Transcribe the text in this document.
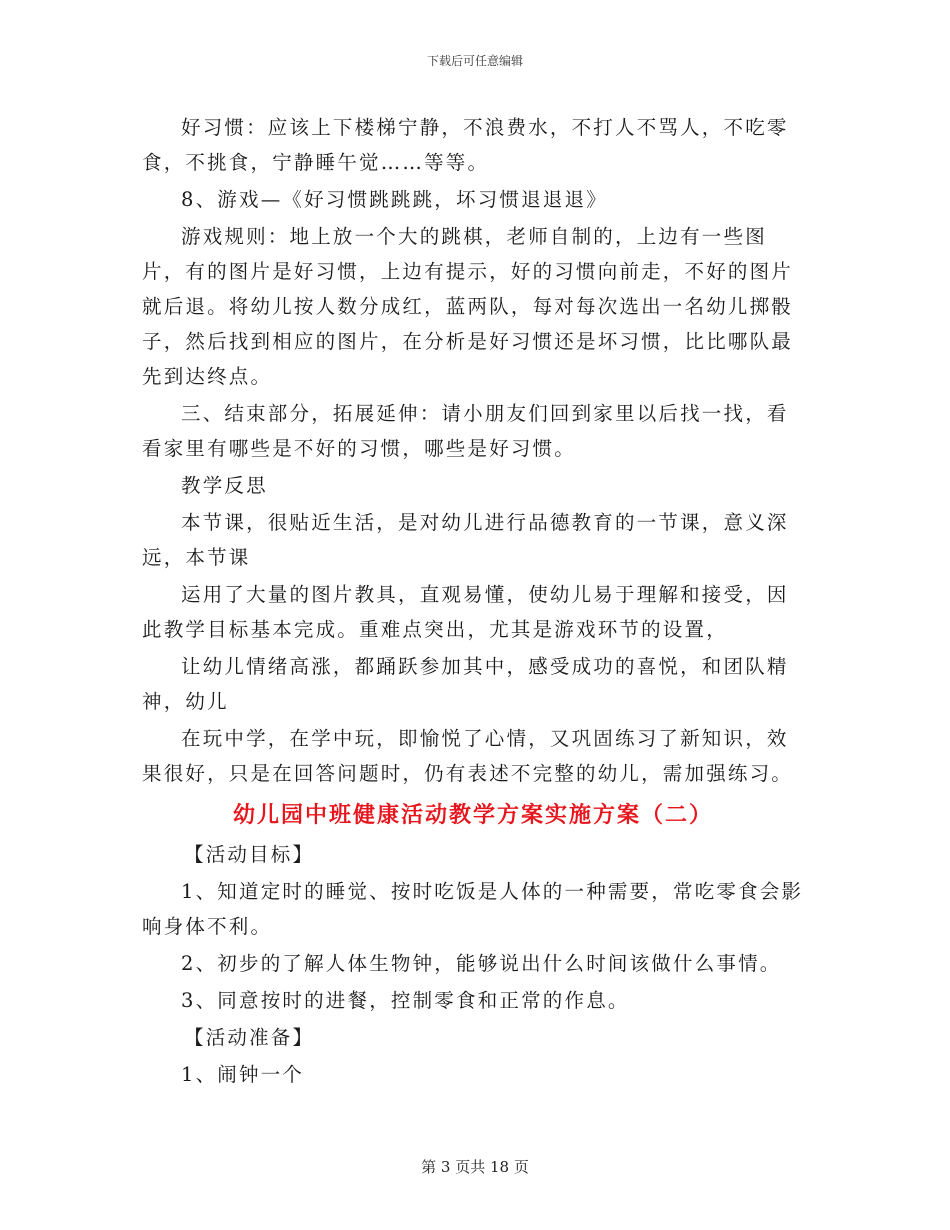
下载后可任意编辑

好习惯：应该上下楼梯宁静，不浪费水，不打人不骂人，不吃零食，不挑食，宁静睡午觉……等等。

8、游戏—《好习惯跳跳跳，坏习惯退退退》

游戏规则：地上放一个大的跳棋，老师自制的，上边有一些图片，有的图片是好习惯，上边有提示，好的习惯向前走，不好的图片就后退。将幼儿按人数分成红，蓝两队，每对每次选出一名幼儿掷骰子，然后找到相应的图片，在分析是好习惯还是坏习惯，比比哪队最先到达终点。

三、结束部分，拓展延伸：请小朋友们回到家里以后找一找，看看家里有哪些是不好的习惯，哪些是好习惯。

教学反思

本节课，很贴近生活，是对幼儿进行品德教育的一节课，意义深远，本节课

运用了大量的图片教具，直观易懂，使幼儿易于理解和接受，因此教学目标基本完成。重难点突出，尤其是游戏环节的设置，

让幼儿情绪高涨，都踊跃参加其中，感受成功的喜悦，和团队精神，幼儿

在玩中学，在学中玩，即愉悦了心情，又巩固练习了新知识，效果很好，只是在回答问题时，仍有表述不完整的幼儿，需加强练习。

幼儿园中班健康活动教学方案实施方案（二）
【活动目标】

1、知道定时的睡觉、按时吃饭是人体的一种需要，常吃零食会影响身体不利。

2、初步的了解人体生物钟，能够说出什么时间该做什么事情。

3、同意按时的进餐，控制零食和正常的作息。

【活动准备】

1、闹钟一个

第 3 页共 18 页
